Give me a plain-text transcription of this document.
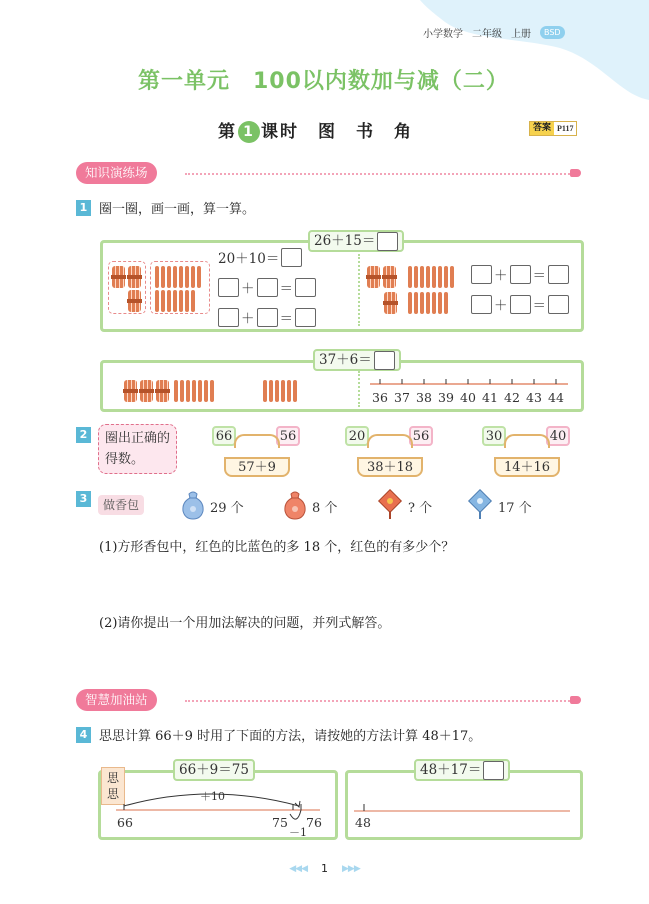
小学数学 二年级 上册	BSD
第一单元　100以内数加与减（二）
第 1 课时　图　书　角	答案 P117
知识演练场
1 圈一圈，画一画，算一算。
26＋15＝
20＋10＝
＋ ＝
＋ ＝
＋ ＝
＋ ＝
37＋6＝
36 37 38 39 40 41 42 43 44
2	圈出正确的得数。
66	56
57＋9
20	56
38＋18
30	40
14＋16
3	做香包	29 个	8 个	? 个	17 个
(1)方形香包中，红色的比蓝色的多 18 个，红色的有多少个？
(2)请你提出一个用加法解决的问题，并列式解答。
智慧加油站
4 思思计算 66＋9 时用了下面的方法，请按她的方法计算 48＋17。
思思
66＋9＝75
＋10
66	75 76
－1
48＋17＝
48
◀◀◀ 1 ▶▶▶
